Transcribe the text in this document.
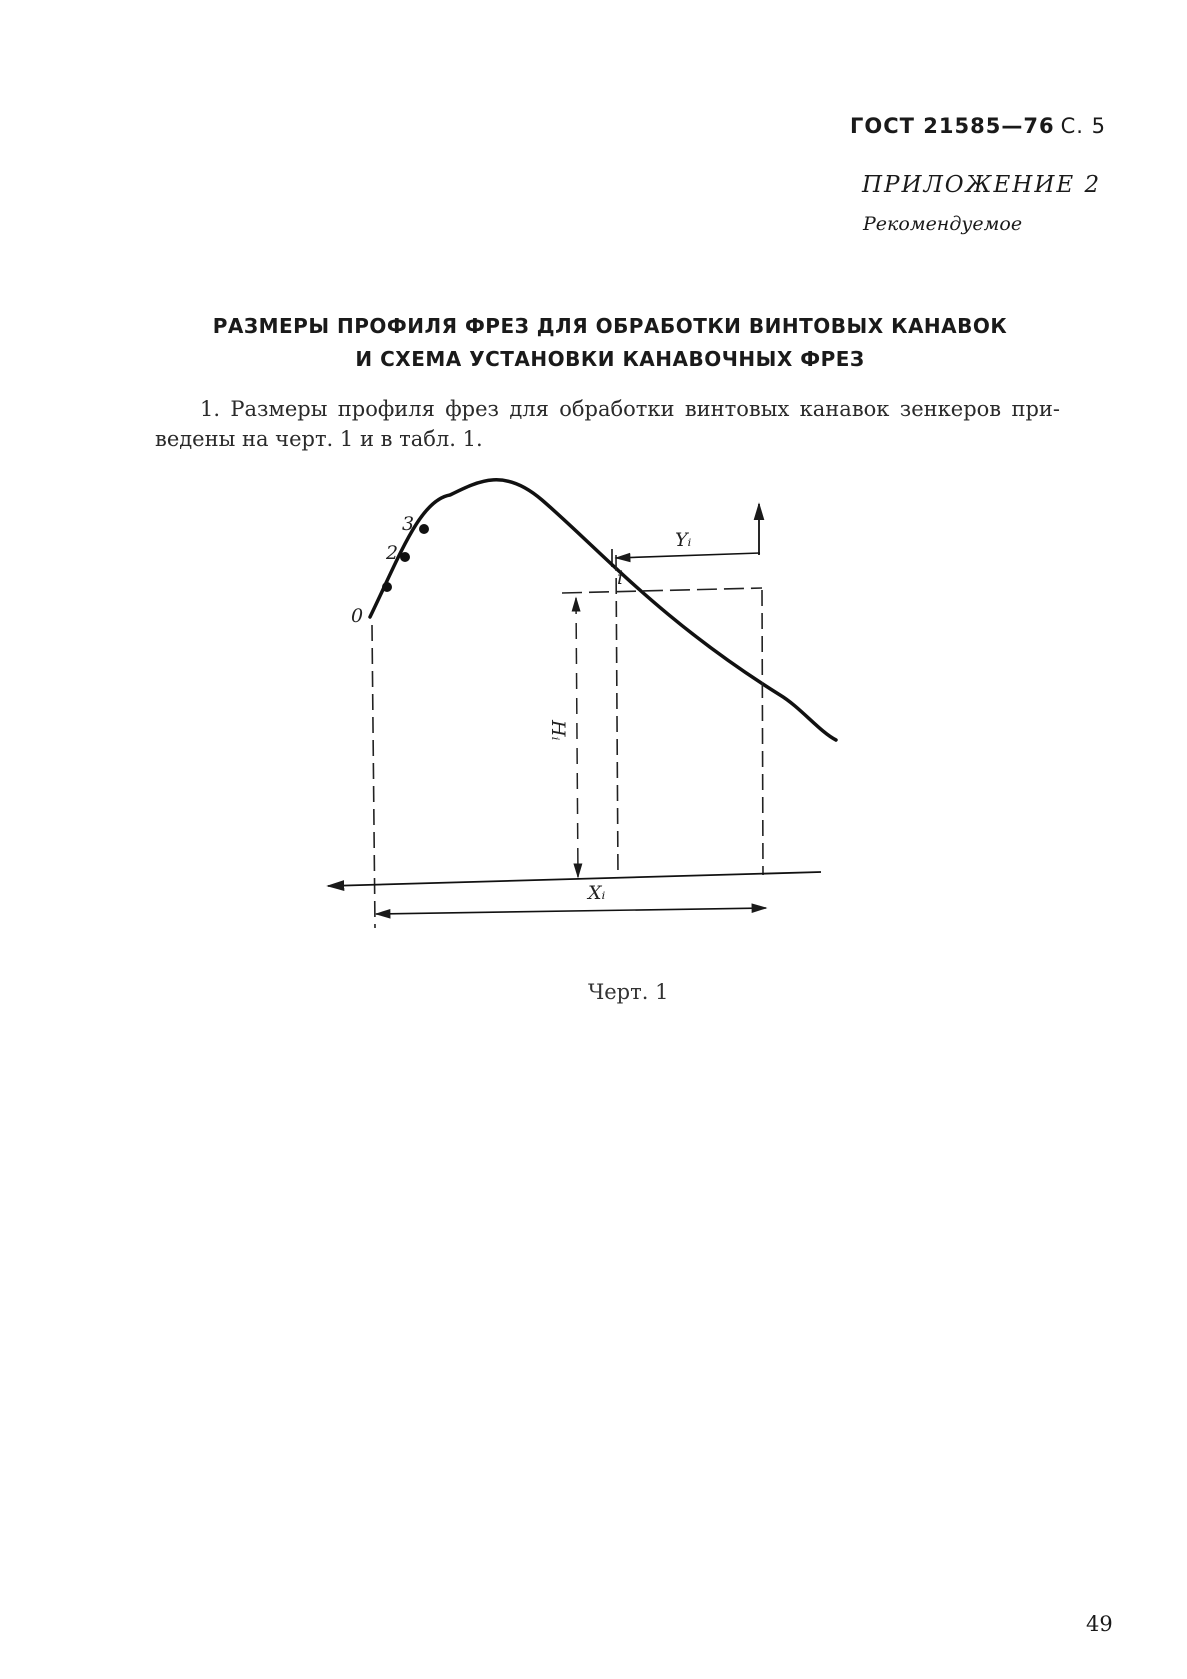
ГОСТ 21585—76 С. 5
ПРИЛОЖЕНИЕ 2
Рекомендуемое
РАЗМЕРЫ ПРОФИЛЯ ФРЕЗ ДЛЯ ОБРАБОТКИ ВИНТОВЫХ КАНАВОК
И СХЕМА УСТАНОВКИ КАНАВОЧНЫХ ФРЕЗ
1. Размеры профиля фрез для обработки винтовых канавок зенкеров при-
ведены на черт. 1 и в табл. 1.
0
2
3
i
Yᵢ
Hᵢ
Xᵢ
Черт. 1
49
